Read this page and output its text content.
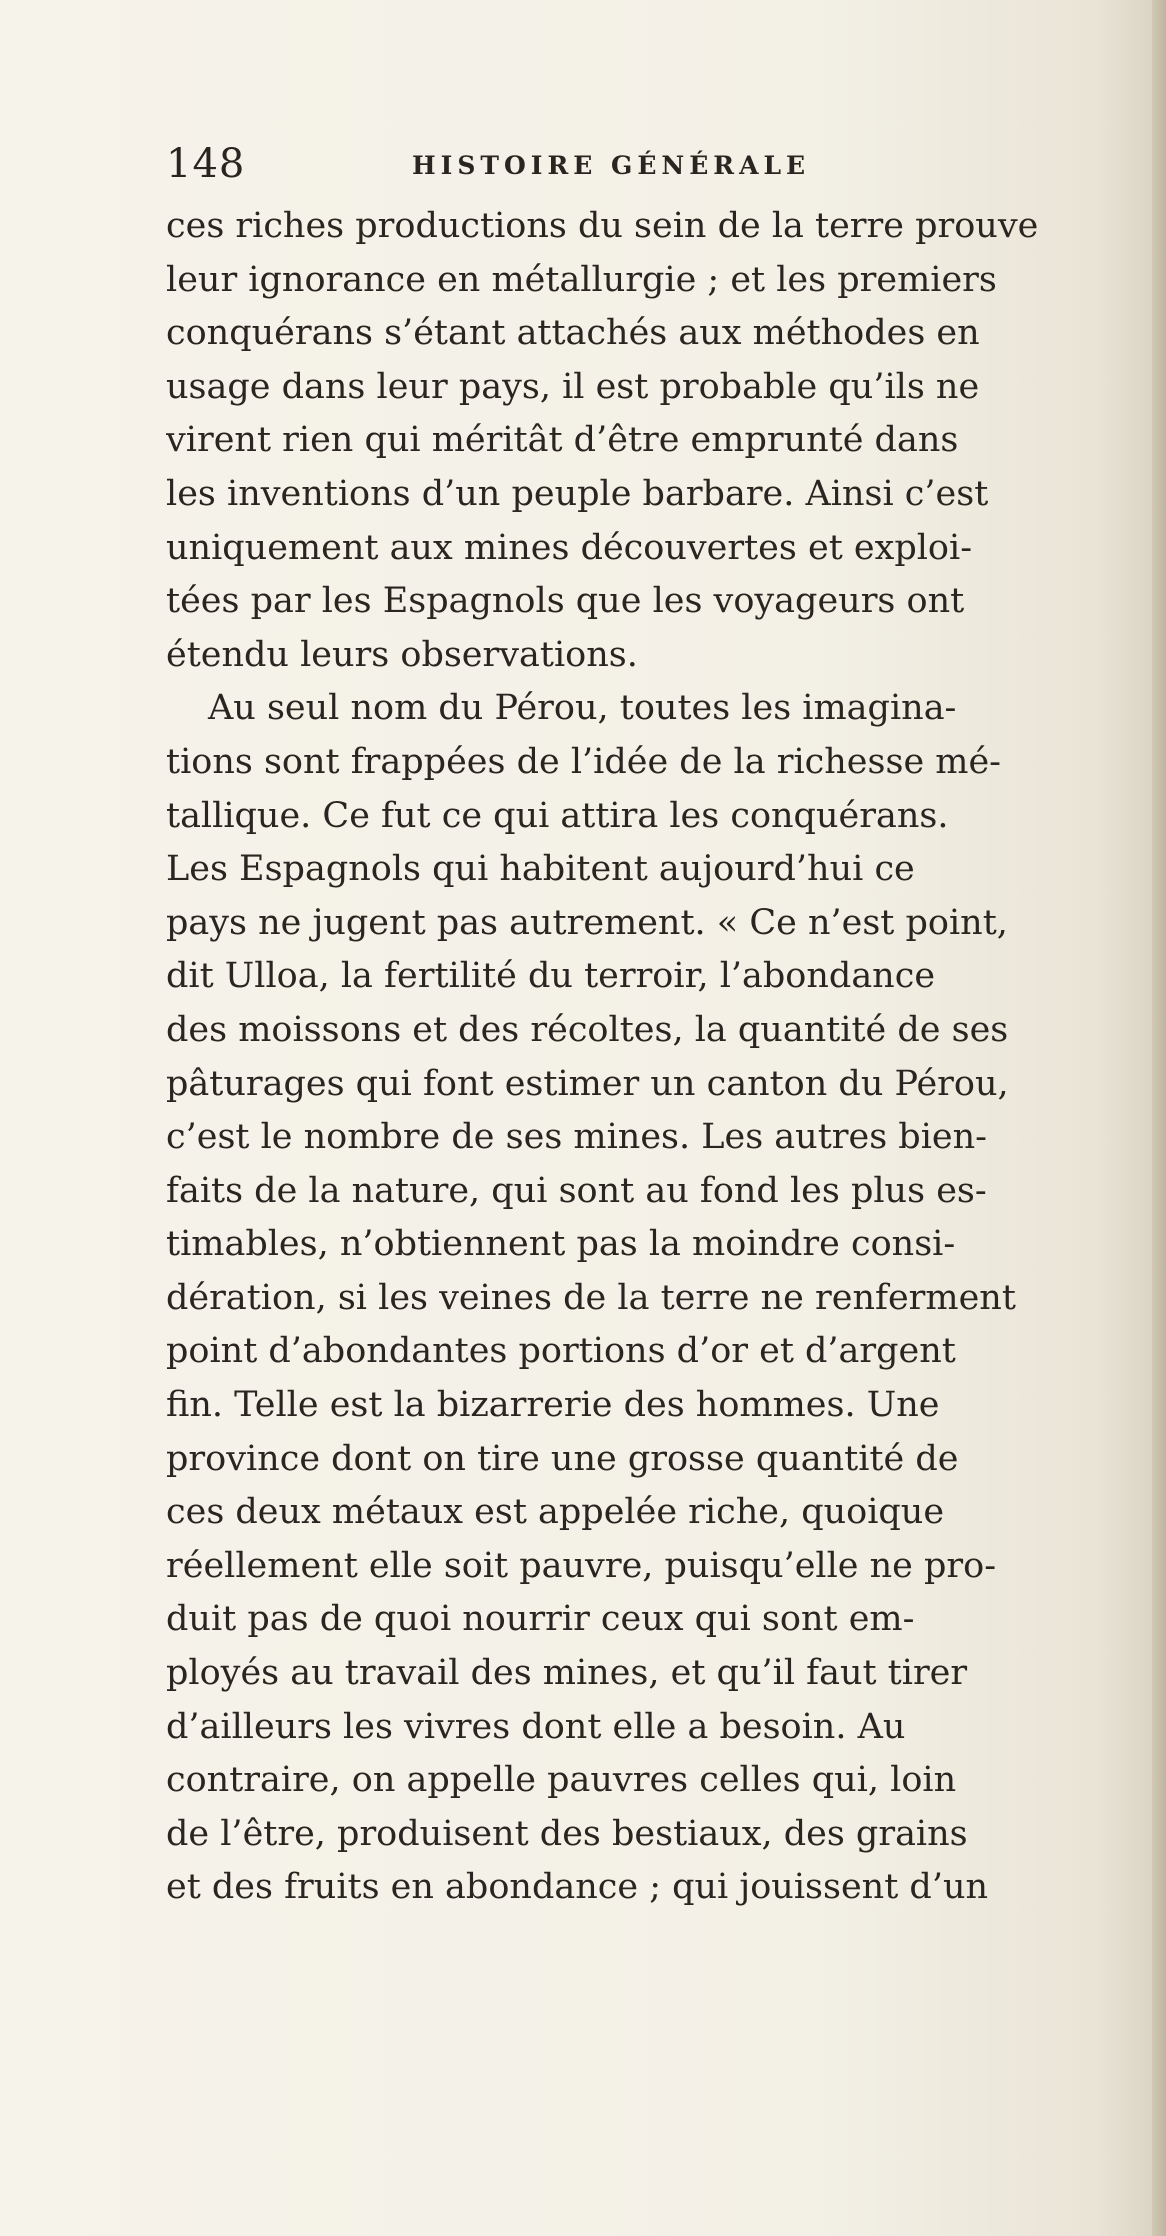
148	HISTOIRE GÉNÉRALE
ces riches productions du sein de la terre prouve
leur ignorance en métallurgie ; et les premiers
conquérans s’étant attachés aux méthodes en
usage dans leur pays, il est probable qu’ils ne
virent rien qui méritât d’être emprunté dans
les inventions d’un peuple barbare. Ainsi c’est
uniquement aux mines découvertes et exploi-
tées par les Espagnols que les voyageurs ont
étendu leurs observations.
Au seul nom du Pérou, toutes les imagina-
tions sont frappées de l’idée de la richesse mé-
tallique. Ce fut ce qui attira les conquérans.
Les Espagnols qui habitent aujourd’hui ce
pays ne jugent pas autrement. « Ce n’est point,
dit Ulloa, la fertilité du terroir, l’abondance
des moissons et des récoltes, la quantité de ses
pâturages qui font estimer un canton du Pérou,
c’est le nombre de ses mines. Les autres bien-
faits de la nature, qui sont au fond les plus es-
timables, n’obtiennent pas la moindre consi-
dération, si les veines de la terre ne renferment
point d’abondantes portions d’or et d’argent
fin. Telle est la bizarrerie des hommes. Une
province dont on tire une grosse quantité de
ces deux métaux est appelée riche, quoique
réellement elle soit pauvre, puisqu’elle ne pro-
duit pas de quoi nourrir ceux qui sont em-
ployés au travail des mines, et qu’il faut tirer
d’ailleurs les vivres dont elle a besoin. Au
contraire, on appelle pauvres celles qui, loin
de l’être, produisent des bestiaux, des grains
et des fruits en abondance ; qui jouissent d’un
